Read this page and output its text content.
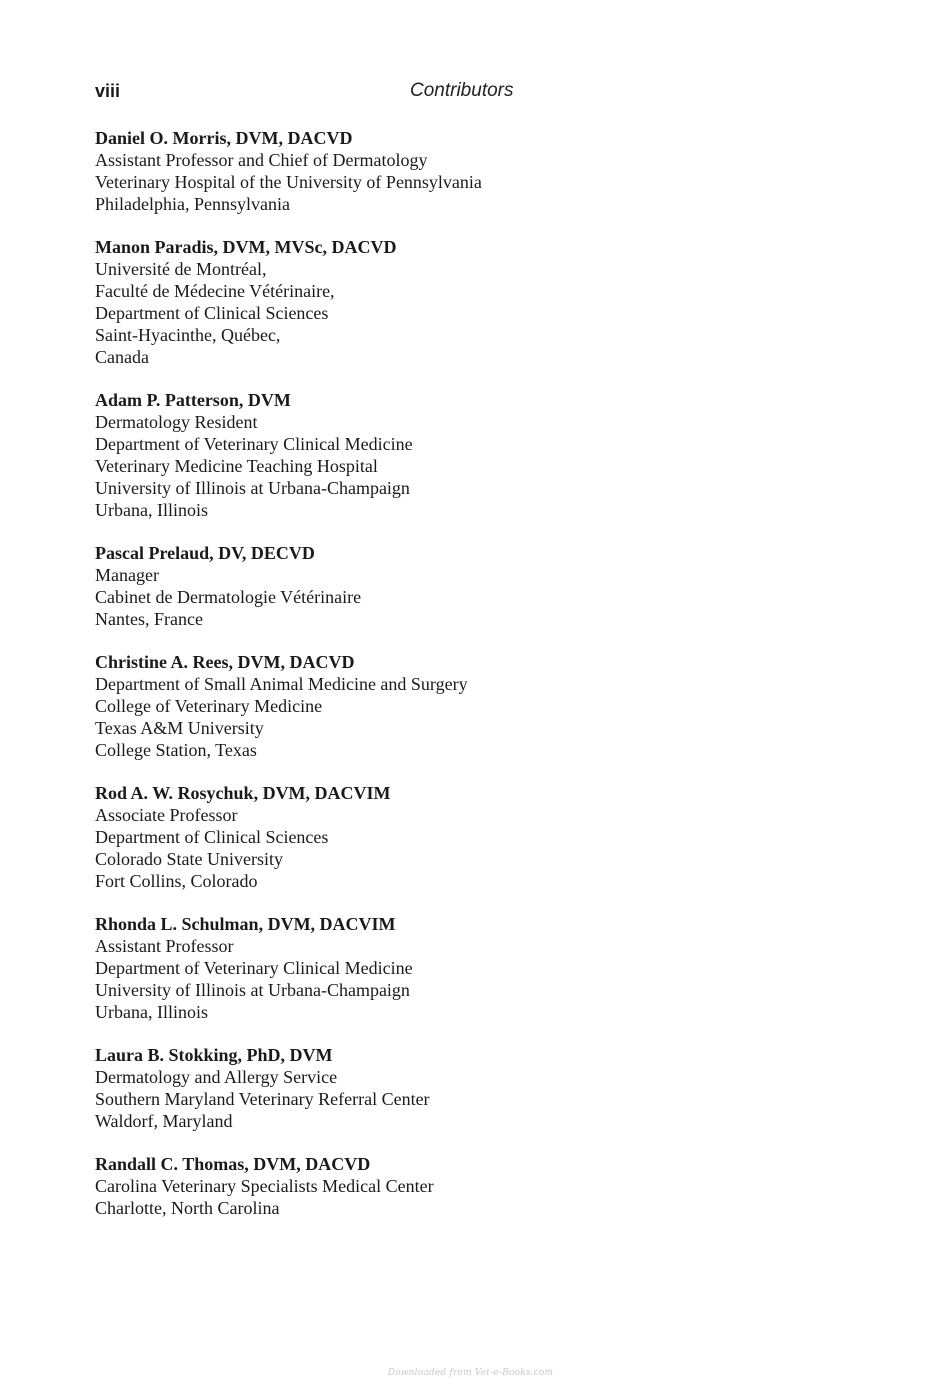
viii	Contributors
Daniel O. Morris, DVM, DACVD
Assistant Professor and Chief of Dermatology
Veterinary Hospital of the University of Pennsylvania
Philadelphia, Pennsylvania
Manon Paradis, DVM, MVSc, DACVD
Université de Montréal,
Faculté de Médecine Vétérinaire,
Department of Clinical Sciences
Saint-Hyacinthe, Québec,
Canada
Adam P. Patterson, DVM
Dermatology Resident
Department of Veterinary Clinical Medicine
Veterinary Medicine Teaching Hospital
University of Illinois at Urbana-Champaign
Urbana, Illinois
Pascal Prelaud, DV, DECVD
Manager
Cabinet de Dermatologie Vétérinaire
Nantes, France
Christine A. Rees, DVM, DACVD
Department of Small Animal Medicine and Surgery
College of Veterinary Medicine
Texas A&M University
College Station, Texas
Rod A. W. Rosychuk, DVM, DACVIM
Associate Professor
Department of Clinical Sciences
Colorado State University
Fort Collins, Colorado
Rhonda L. Schulman, DVM, DACVIM
Assistant Professor
Department of Veterinary Clinical Medicine
University of Illinois at Urbana-Champaign
Urbana, Illinois
Laura B. Stokking, PhD, DVM
Dermatology and Allergy Service
Southern Maryland Veterinary Referral Center
Waldorf, Maryland
Randall C. Thomas, DVM, DACVD
Carolina Veterinary Specialists Medical Center
Charlotte, North Carolina
Downloaded from Vet-e-Books.com
